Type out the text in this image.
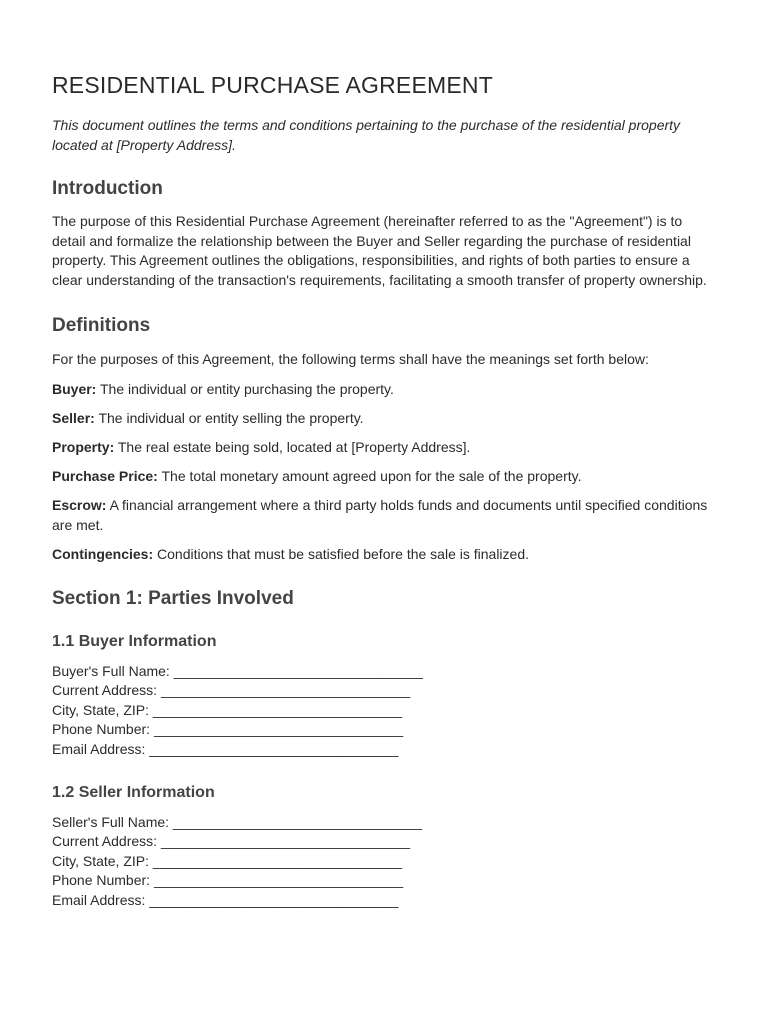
RESIDENTIAL PURCHASE AGREEMENT

This document outlines the terms and conditions pertaining to the purchase of the residential property located at [Property Address].

Introduction

The purpose of this Residential Purchase Agreement (hereinafter referred to as the "Agreement") is to detail and formalize the relationship between the Buyer and Seller regarding the purchase of residential property. This Agreement outlines the obligations, responsibilities, and rights of both parties to ensure a clear understanding of the transaction's requirements, facilitating a smooth transfer of property ownership.

Definitions

For the purposes of this Agreement, the following terms shall have the meanings set forth below:

Buyer: The individual or entity purchasing the property.

Seller: The individual or entity selling the property.

Property: The real estate being sold, located at [Property Address].

Purchase Price: The total monetary amount agreed upon for the sale of the property.

Escrow: A financial arrangement where a third party holds funds and documents until specified conditions are met.

Contingencies: Conditions that must be satisfied before the sale is finalized.

Section 1: Parties Involved
1.1 Buyer Information

Buyer's Full Name: ________________________________

Current Address: ________________________________

City, State, ZIP: ________________________________

Phone Number: ________________________________

Email Address: ________________________________

1.2 Seller Information

Seller's Full Name: ________________________________

Current Address: ________________________________

City, State, ZIP: ________________________________

Phone Number: ________________________________

Email Address: ________________________________
